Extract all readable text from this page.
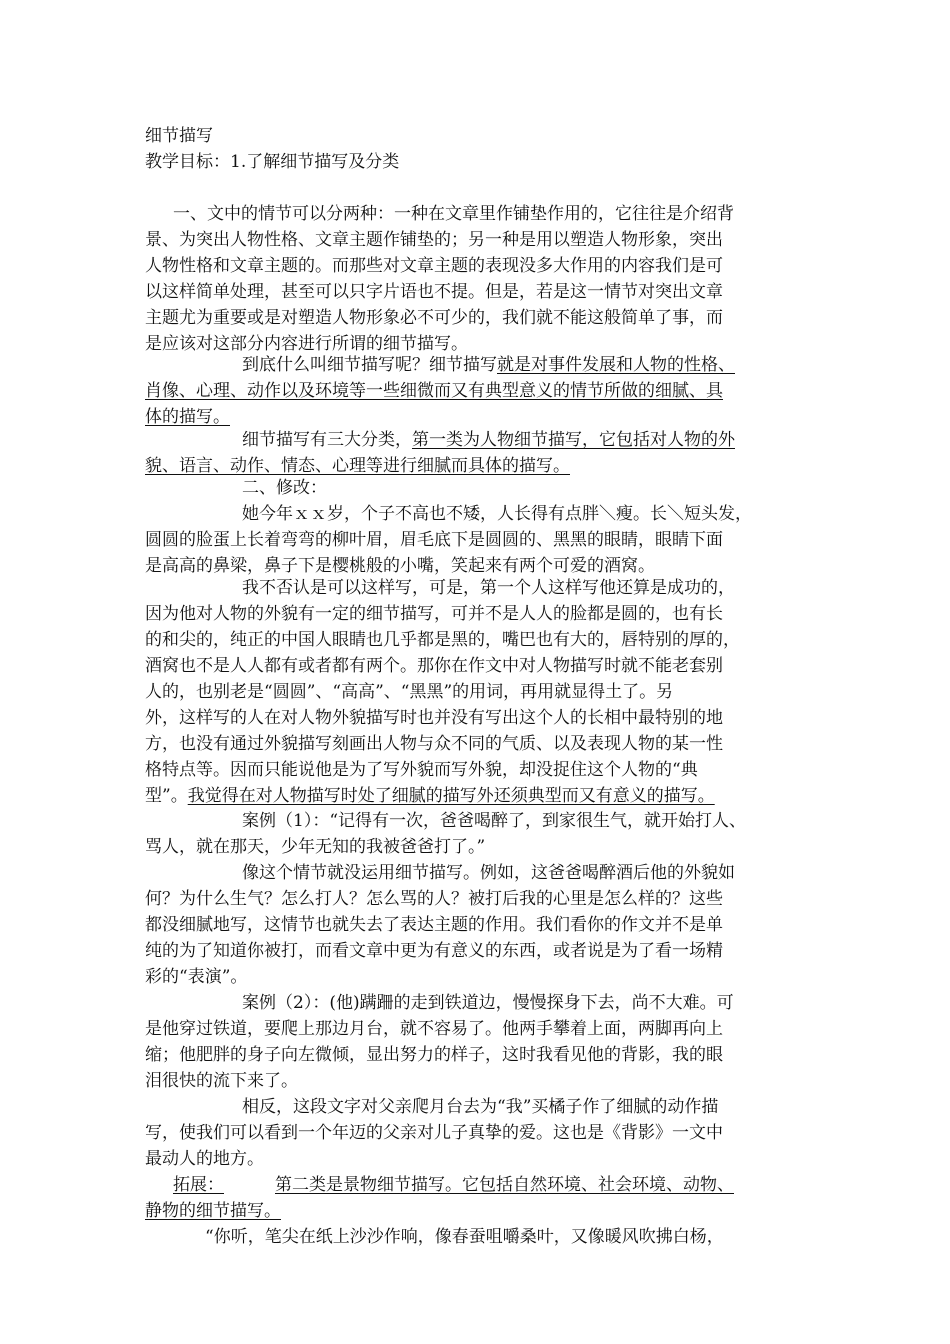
细节描写
教学目标：1.了解细节描写及分类
一、文中的情节可以分两种：一种在文章里作铺垫作用的，它往往是介绍背
景、为突出人物性格、文章主题作铺垫的；另一种是用以塑造人物形象，突出
人物性格和文章主题的。而那些对文章主题的表现没多大作用的内容我们是可
以这样简单处理，甚至可以只字片语也不提。但是，若是这一情节对突出文章
主题尤为重要或是对塑造人物形象必不可少的，我们就不能这般简单了事，而
是应该对这部分内容进行所谓的细节描写。
到底什么叫细节描写呢？细节描写就是对事件发展和人物的性格、
肖像、心理、动作以及环境等一些细微而又有典型意义的情节所做的细腻、具
体的描写。
细节描写有三大分类，第一类为人物细节描写，它包括对人物的外
貌、语言、动作、情态、心理等进行细腻而具体的描写。
二、修改：
她今年ｘｘ岁，个子不高也不矮，人长得有点胖＼瘦。长＼短头发，
圆圆的脸蛋上长着弯弯的柳叶眉，眉毛底下是圆圆的、黑黑的眼睛，眼睛下面
是高高的鼻梁，鼻子下是樱桃般的小嘴，笑起来有两个可爱的酒窝。
我不否认是可以这样写，可是，第一个人这样写他还算是成功的，
因为他对人物的外貌有一定的细节描写，可并不是人人的脸都是圆的，也有长
的和尖的，纯正的中国人眼睛也几乎都是黑的，嘴巴也有大的，唇特别的厚的，
酒窝也不是人人都有或者都有两个。那你在作文中对人物描写时就不能老套别
人的，也别老是“圆圆”、“高高”、“黑黑”的用词，再用就显得土了。另
外，这样写的人在对人物外貌描写时也并没有写出这个人的长相中最特别的地
方，也没有通过外貌描写刻画出人物与众不同的气质、以及表现人物的某一性
格特点等。因而只能说他是为了写外貌而写外貌，却没捉住这个人物的“典
型”。我觉得在对人物描写时处了细腻的描写外还须典型而又有意义的描写。
案例（1）：“记得有一次，爸爸喝醉了，到家很生气，就开始打人、
骂人，就在那天，少年无知的我被爸爸打了。”
像这个情节就没运用细节描写。例如，这爸爸喝醉酒后他的外貌如
何？为什么生气？怎么打人？怎么骂的人？被打后我的心里是怎么样的？这些
都没细腻地写，这情节也就失去了表达主题的作用。我们看你的作文并不是单
纯的为了知道你被打，而看文章中更为有意义的东西，或者说是为了看一场精
彩的“表演”。
案例（2）：(他)蹒跚的走到铁道边，慢慢探身下去，尚不大难。可
是他穿过铁道，要爬上那边月台，就不容易了。他两手攀着上面，两脚再向上
缩；他肥胖的身子向左微倾，显出努力的样子，这时我看见他的背影，我的眼
泪很快的流下来了。
相反，这段文字对父亲爬月台去为“我”买橘子作了细腻的动作描
写，使我们可以看到一个年迈的父亲对儿子真挚的爱。这也是《背影》一文中
最动人的地方。
拓展：	第二类是景物细节描写。它包括自然环境、社会环境、动物、
静物的细节描写。
“你听，笔尖在纸上沙沙作响，像春蚕咀嚼桑叶，又像暖风吹拂白杨，
